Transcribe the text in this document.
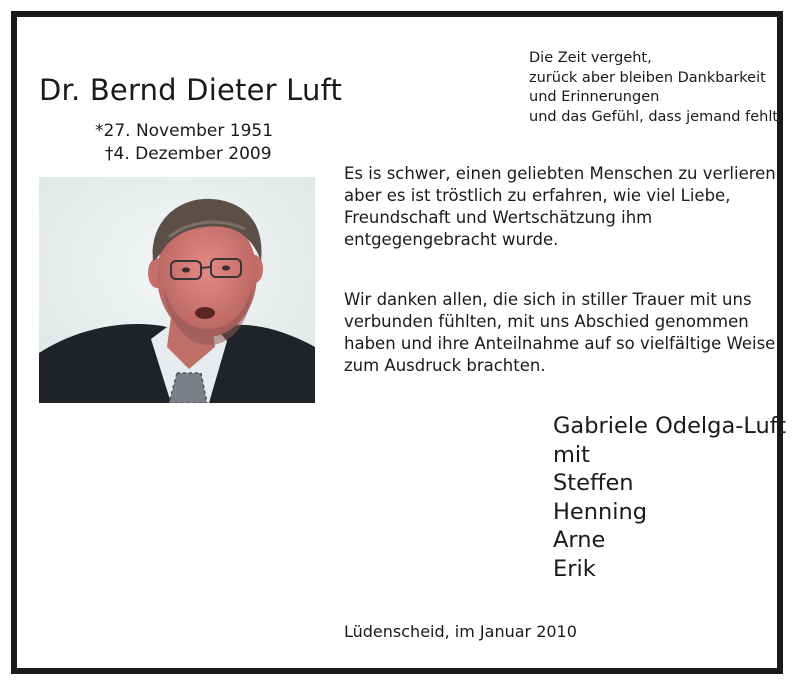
Dr. Bernd Dieter Luft
*27. November 1951
†4. Dezember 2009
Die Zeit vergeht,
zurück aber bleiben Dankbarkeit
und Erinnerungen
und das Gefühl, dass jemand fehlt.
Es is schwer, einen geliebten Menschen zu verlieren,
aber es ist tröstlich zu erfahren, wie viel Liebe,
Freundschaft und Wertschätzung ihm
entgegengebracht wurde.
Wir danken allen, die sich in stiller Trauer mit uns
verbunden fühlten, mit uns Abschied genommen
haben und ihre Anteilnahme auf so vielfältige Weise
zum Ausdruck brachten.
Gabriele Odelga-Luft
mit
Steffen
Henning
Arne
Erik
Lüdenscheid, im Januar 2010
